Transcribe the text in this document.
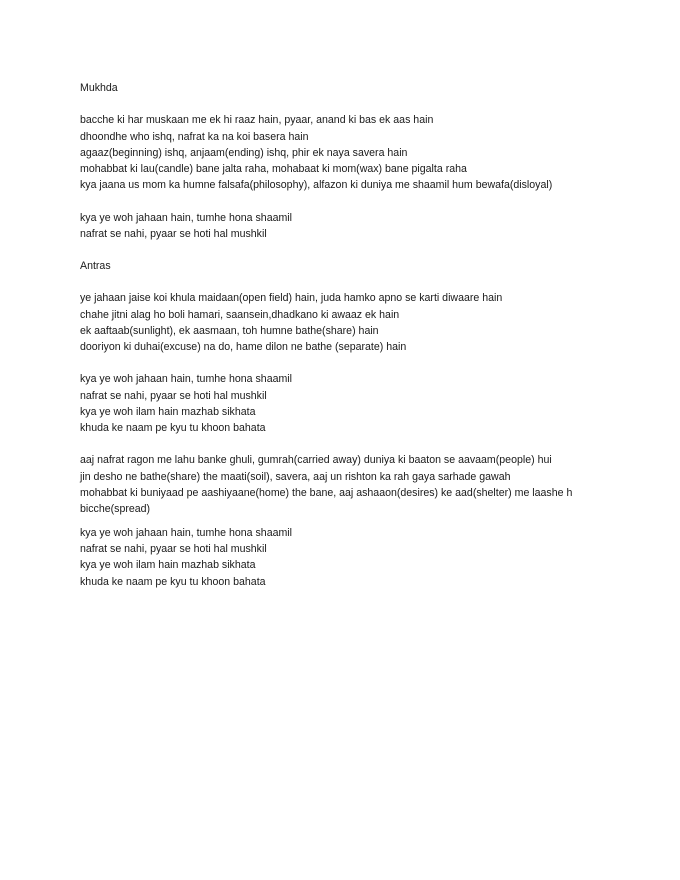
Mukhda
bacche ki har muskaan me ek hi raaz hain, pyaar, anand ki bas ek aas hain
dhoondhe who ishq, nafrat ka na koi basera hain
agaaz(beginning) ishq, anjaam(ending) ishq, phir ek naya savera hain
mohabbat ki lau(candle) bane jalta raha, mohabaat ki mom(wax) bane pigalta raha
kya jaana us mom ka humne falsafa(philosophy), alfazon ki duniya me shaamil hum bewafa(disloyal)
kya ye woh jahaan hain, tumhe hona shaamil
nafrat se nahi, pyaar se hoti hal mushkil
Antras
ye jahaan jaise koi khula maidaan(open field) hain, juda hamko apno se karti diwaare hain
chahe jitni alag ho boli hamari, saansein,dhadkano ki awaaz ek hain
ek aaftaab(sunlight), ek aasmaan, toh humne bathe(share) hain
dooriyon ki duhai(excuse) na do, hame dilon ne bathe (separate) hain
kya ye woh jahaan hain, tumhe hona shaamil
nafrat se nahi, pyaar se hoti hal mushkil
kya ye woh ilam hain mazhab sikhata
khuda ke naam pe kyu tu khoon bahata
aaj nafrat ragon me lahu banke ghuli, gumrah(carried away) duniya ki baaton se aavaam(people) hui
jin desho ne bathe(share) the maati(soil), savera, aaj un rishton ka rah gaya sarhade gawah
mohabbat ki buniyaad pe aashiyaane(home) the bane, aaj ashaaon(desires) ke aad(shelter) me laashe h
bicche(spread)
kya ye woh jahaan hain, tumhe hona shaamil
nafrat se nahi, pyaar se hoti hal mushkil
kya ye woh ilam hain mazhab sikhata
khuda ke naam pe kyu tu khoon bahata
